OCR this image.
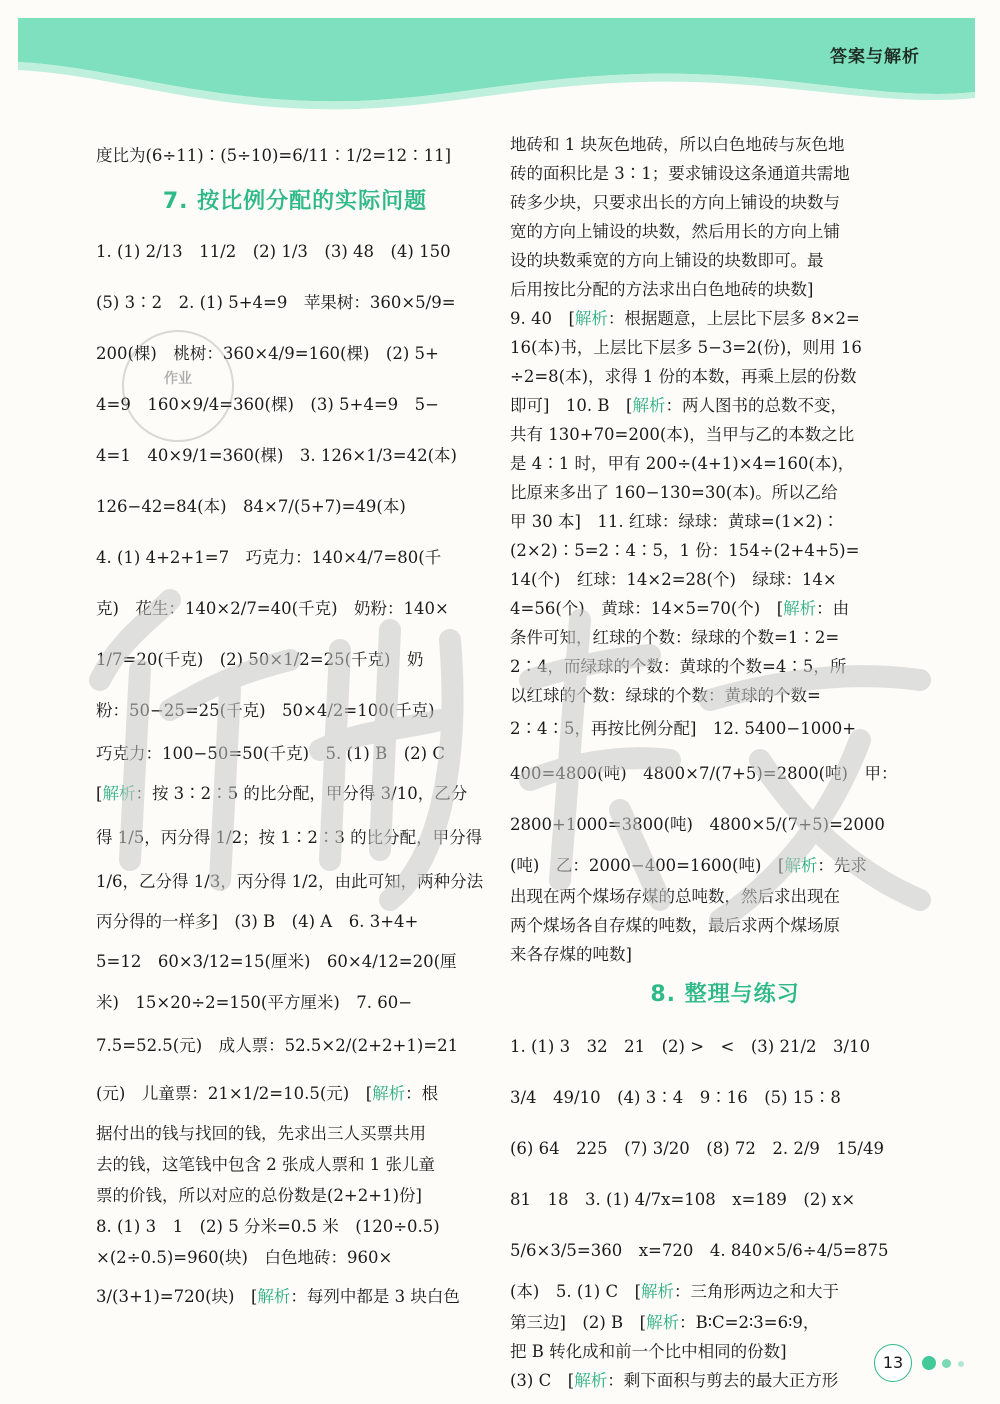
答案与解析
度比为(6÷11)∶(5÷10)=6/11∶1/2=12∶11]
7. 按比例分配的实际问题
1. (1) 2/13　11/2　(2) 1/3　(3) 48　(4) 150
(5) 3∶2　2. (1) 5+4=9　苹果树：360×5/9=
200(棵)　桃树：360×4/9=160(棵)　(2) 5+
4=9　160×9/4=360(棵)　(3) 5+4=9　5−
4=1　40×9/1=360(棵)　3. 126×1/3=42(本)
126−42=84(本)　84×7/(5+7)=49(本)
4. (1) 4+2+1=7　巧克力：140×4/7=80(千
克)　花生：140×2/7=40(千克)　奶粉：140×
1/7=20(千克)　(2) 50×1/2=25(千克)　奶
粉：50−25=25(千克)　50×4/2=100(千克)
巧克力：100−50=50(千克)　5. (1) B　(2) C
[解析：按 3∶2∶5 的比分配，甲分得 3/10，乙分
得 1/5，丙分得 1/2；按 1∶2∶3 的比分配，甲分得
1/6，乙分得 1/3，丙分得 1/2，由此可知，两种分法
丙分得的一样多]　(3) B　(4) A　6. 3+4+
5=12　60×3/12=15(厘米)　60×4/12=20(厘
米)　15×20÷2=150(平方厘米)　7. 60−
7.5=52.5(元)　成人票：52.5×2/(2+2+1)=21
(元)　儿童票：21×1/2=10.5(元)　[解析：根
据付出的钱与找回的钱，先求出三人买票共用
去的钱，这笔钱中包含 2 张成人票和 1 张儿童
票的价钱，所以对应的总份数是(2+2+1)份]
8. (1) 3　1　(2) 5 分米=0.5 米　(120÷0.5)
×(2÷0.5)=960(块)　白色地砖：960×
3/(3+1)=720(块)　[解析：每列中都是 3 块白色
地砖和 1 块灰色地砖，所以白色地砖与灰色地
砖的面积比是 3∶1；要求铺设这条通道共需地
砖多少块，只要求出长的方向上铺设的块数与
宽的方向上铺设的块数，然后用长的方向上铺
设的块数乘宽的方向上铺设的块数即可。最
后用按比分配的方法求出白色地砖的块数]
9. 40　[解析：根据题意，上层比下层多 8×2=
16(本)书，上层比下层多 5−3=2(份)，则用 16
÷2=8(本)，求得 1 份的本数，再乘上层的份数
即可]　10. B　[解析：两人图书的总数不变，
共有 130+70=200(本)，当甲与乙的本数之比
是 4∶1 时，甲有 200÷(4+1)×4=160(本)，
比原来多出了 160−130=30(本)。所以乙给
甲 30 本]　11. 红球：绿球：黄球=(1×2)∶
(2×2)∶5=2∶4∶5，1 份：154÷(2+4+5)=
14(个)　红球：14×2=28(个)　绿球：14×
4=56(个)　黄球：14×5=70(个)　[解析：由
条件可知，红球的个数：绿球的个数=1∶2=
2∶4，而绿球的个数：黄球的个数=4∶5，所
以红球的个数：绿球的个数：黄球的个数=
2∶4∶5，再按比例分配]　12. 5400−1000+
400=4800(吨)　4800×7/(7+5)=2800(吨)　甲：
2800+1000=3800(吨)　4800×5/(7+5)=2000
(吨)　乙：2000−400=1600(吨)　[解析：先求
出现在两个煤场存煤的总吨数，然后求出现在
两个煤场各自存煤的吨数，最后求两个煤场原
来各存煤的吨数]
8. 整理与练习
1. (1) 3　32　21　(2) >　<　(3) 21/2　3/10
3/4　49/10　(4) 3∶4　9∶16　(5) 15∶8
(6) 64　225　(7) 3/20　(8) 72　2. 2/9　15/49
81　18　3. (1) 4/7x=108　x=189　(2) x×
5/6×3/5=360　x=720　4. 840×5/6÷4/5=875
(本)　5. (1) C　[解析：三角形两边之和大于
第三边]　(2) B　[解析：B∶C=2∶3=6∶9，
把 B 转化成和前一个比中相同的份数]
(3) C　[解析：剩下面积与剪去的最大正方形
作业
13
